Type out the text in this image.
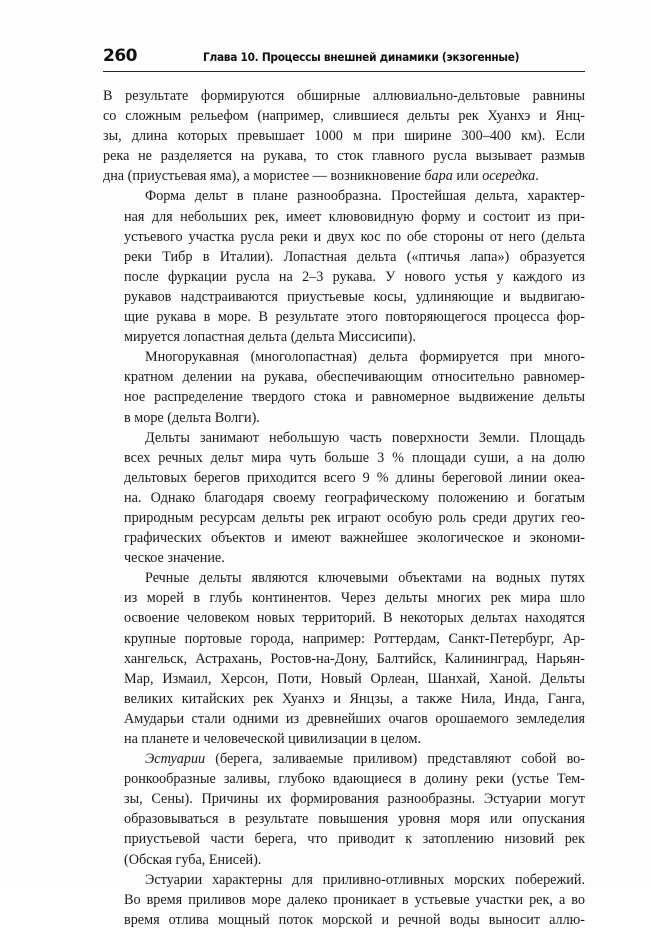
260	Глава 10. Процессы внешней динамики (экзогенные)

В результате формируются обширные аллювиально-дельтовые равнины
со сложным рельефом (например, слившиеся дельты рек Хуанхэ и Янц-
зы, длина которых превышает 1000 м при ширине 300–400 км). Если
река не разделяется на рукава, то сток главного русла вызывает размыв
дна (приустьевая яма), а мористее — возникновение бара или осередка.

Форма дельт в плане разнообразна. Простейшая дельта, характер-
ная для небольших рек, имеет клювовидную форму и состоит из при-
устьевого участка русла реки и двух кос по обе стороны от него (дельта
реки Тибр в Италии). Лопастная дельта («птичья лапа») образуется
после фуркации русла на 2–3 рукава. У нового устья у каждого из
рукавов надстраиваются приустьевые косы, удлиняющие и выдвигаю-
щие рукава в море. В результате этого повторяющегося процесса фор-
мируется лопастная дельта (дельта Миссисипи).

Многорукавная (многолопастная) дельта формируется при много-
кратном делении на рукава, обеспечивающим относительно равномер-
ное распределение твердого стока и равномерное выдвижение дельты
в море (дельта Волги).

Дельты занимают небольшую часть поверхности Земли. Площадь
всех речных дельт мира чуть больше 3 % площади суши, а на долю
дельтовых берегов приходится всего 9 % длины береговой линии океа-
на. Однако благодаря своему географическому положению и богатым
природным ресурсам дельты рек играют особую роль среди других гео-
графических объектов и имеют важнейшее экологическое и экономи-
ческое значение.

Речные дельты являются ключевыми объектами на водных путях
из морей в глубь континентов. Через дельты многих рек мира шло
освоение человеком новых территорий. В некоторых дельтах находятся
крупные портовые города, например: Роттердам, Санкт-Петербург, Ар-
хангельск, Астрахань, Ростов-на-Дону, Балтийск, Калининград, Нарьян-
Мар, Измаил, Херсон, Поти, Новый Орлеан, Шанхай, Ханой. Дельты
великих китайских рек Хуанхэ и Янцзы, а также Нила, Инда, Ганга,
Амударьи стали одними из древнейших очагов орошаемого земледелия
на планете и человеческой цивилизации в целом.

Эстуарии (берега, заливаемые приливом) представляют собой во-
ронкообразные заливы, глубоко вдающиеся в долину реки (устье Тем-
зы, Сены). Причины их формирования разнообразны. Эстуарии могут
образовываться в результате повышения уровня моря или опускания
приустьевой части берега, что приводит к затоплению низовий рек
(Обская губа, Енисей).

Эстуарии характерны для приливно-отливных морских побережий.
Во время приливов море далеко проникает в устьевые участки рек, а во
время отлива мощный поток морской и речной воды выносит аллю-
